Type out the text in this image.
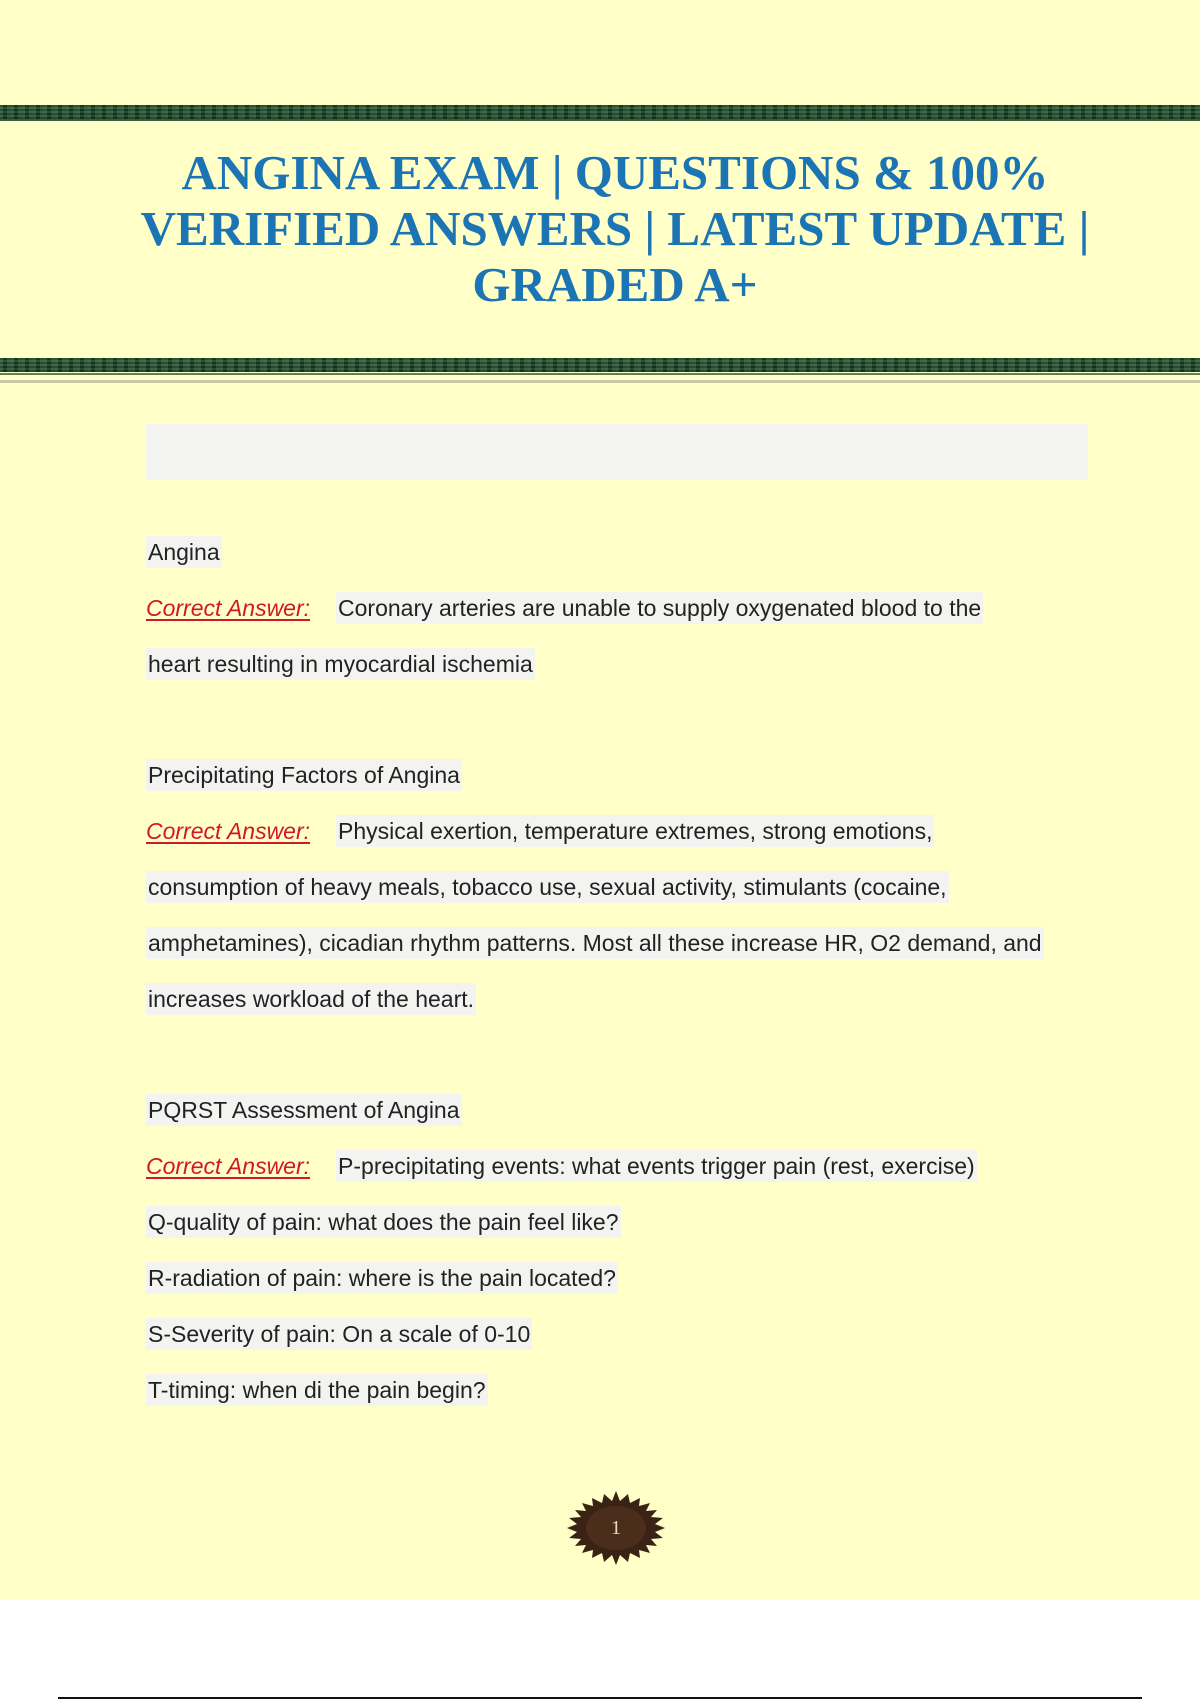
ANGINA EXAM | QUESTIONS & 100% VERIFIED ANSWERS | LATEST UPDATE | GRADED A+
Angina
Correct Answer: Coronary arteries are unable to supply oxygenated blood to the
heart resulting in myocardial ischemia
Precipitating Factors of Angina
Correct Answer: Physical exertion, temperature extremes, strong emotions,
consumption of heavy meals, tobacco use, sexual activity, stimulants (cocaine,
amphetamines), cicadian rhythm patterns. Most all these increase HR, O2 demand, and
increases workload of the heart.
PQRST Assessment of Angina
Correct Answer: P-precipitating events: what events trigger pain (rest, exercise)
Q-quality of pain: what does the pain feel like?
R-radiation of pain: where is the pain located?
S-Severity of pain: On a scale of 0-10
T-timing: when di the pain begin?
1
